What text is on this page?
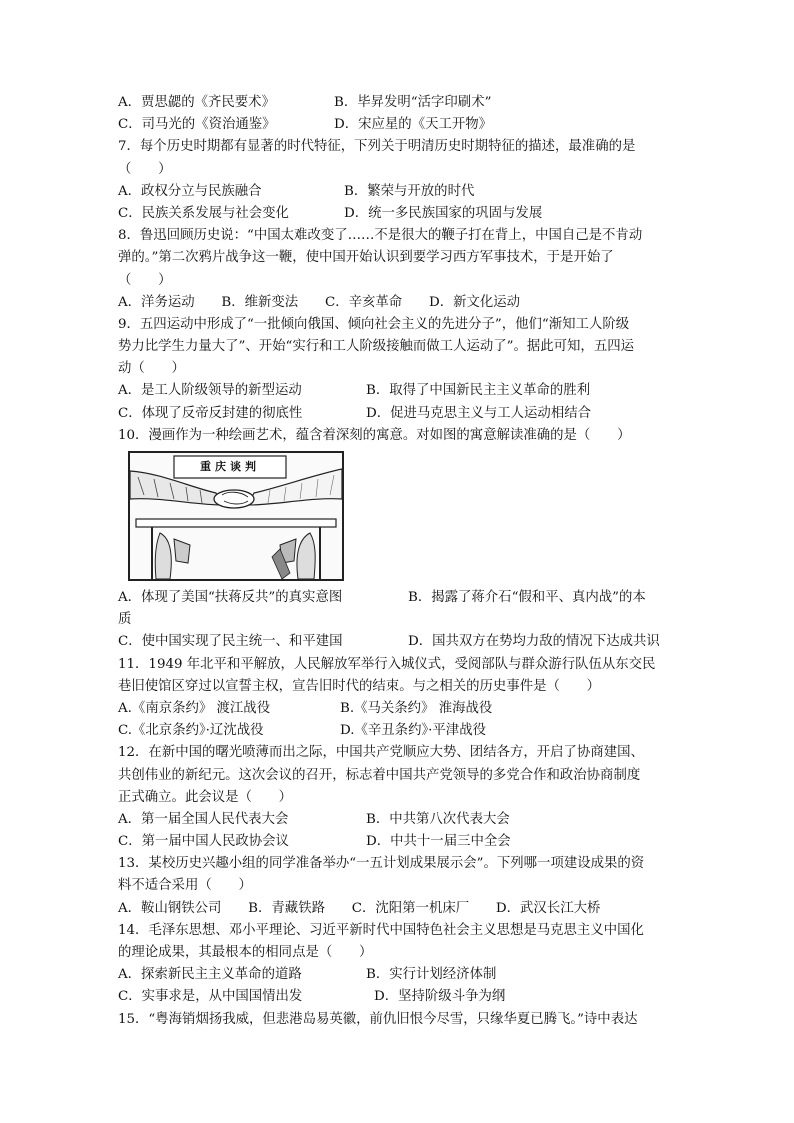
A．贾思勰的《齐民要术》

	B．毕昇发明“活字印刷术”

C．司马光的《资治通鉴》

	D．宋应星的《天工开物》

7．每个历史时期都有显著的时代特征，下列关于明清历史时期特征的描述，最准确的是
（　　）

A．政权分立与民族融合

	B．繁荣与开放的时代

C．民族关系发展与社会变化

	D．统一多民族国家的巩固与发展

8．鲁迅回顾历史说：“中国太难改变了……不是很大的鞭子打在背上，中国自己是不肯动
弹的。”第二次鸦片战争这一鞭，使中国开始认识到要学习西方军事技术，于是开始了
（　　）
A．洋务运动　　B．维新变法　　C．辛亥革命　　D．新文化运动
9．五四运动中形成了“一批倾向俄国、倾向社会主义的先进分子”，他们“渐知工人阶级
势力比学生力量大了”、开始“实行和工人阶级接触而做工人运动了”。据此可知，五四运
动（　　）

A．是工人阶级领导的新型运动

	B．取得了中国新民主主义革命的胜利

C．体现了反帝反封建的彻底性

	D．促进马克思主义与工人运动相结合

10．漫画作为一种绘画艺术，蕴含着深刻的寓意。对如图的寓意解读准确的是（　　）
重庆谈判

A．体现了美国“扶蒋反共”的真实意图

	B．揭露了蒋介石“假和平、真内战”的本

质

C．使中国实现了民主统一、和平建国

	D．国共双方在势均力敌的情况下达成共识

11．1949 年北平和平解放，人民解放军举行入城仪式，受阅部队与群众游行队伍从东交民
巷旧使馆区穿过以宣誓主权，宣告旧时代的结束。与之相关的历史事件是（　　）

A.《南京条约》 渡江战役

	B.《马关条约》 淮海战役

C.《北京条约》·辽沈战役

	D.《辛丑条约》·平津战役

12．在新中国的曙光喷薄而出之际，中国共产党顺应大势、团结各方，开启了协商建国、
共创伟业的新纪元。这次会议的召开，标志着中国共产党领导的多党合作和政治协商制度
正式确立。此会议是（　　）

A．第一届全国人民代表大会

	B．中共第八次代表大会

C．第一届中国人民政协会议

	D．中共十一届三中全会

13．某校历史兴趣小组的同学准备举办“一五计划成果展示会”。下列哪一项建设成果的资
料不适合采用（　　）
A．鞍山钢铁公司　　B．青藏铁路　　C．沈阳第一机床厂　　D．武汉长江大桥
14．毛泽东思想、邓小平理论、习近平新时代中国特色社会主义思想是马克思主义中国化
的理论成果，其最根本的相同点是（　　）

A．探索新民主主义革命的道路

	B．实行计划经济体制

C．实事求是，从中国国情出发

	D．坚持阶级斗争为纲

15．“粤海销烟扬我威，但悲港岛易英徽，前仇旧恨今尽雪，只缘华夏已腾飞。”诗中表达
